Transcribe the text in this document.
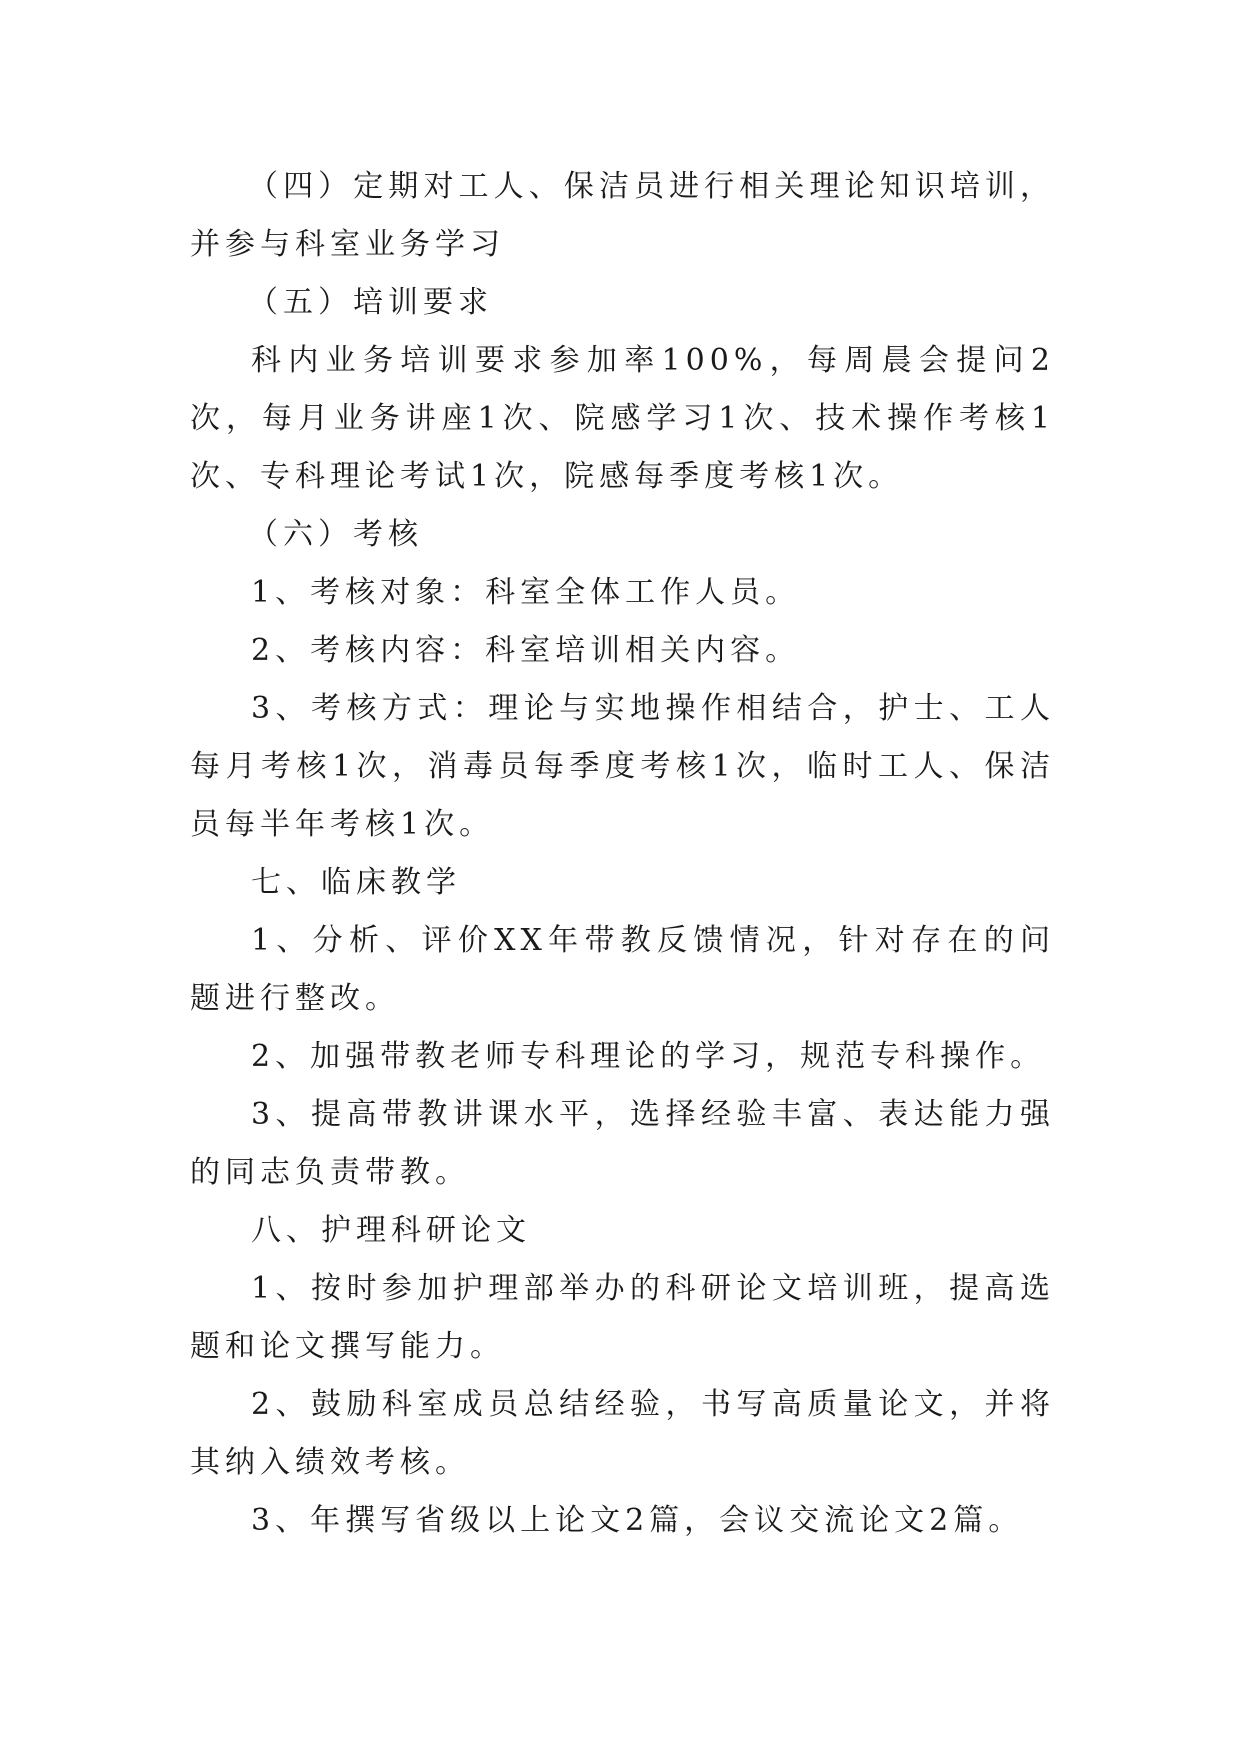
（四）定期对工人、保洁员进行相关理论知识培训，并参与科室业务学习

（五）培训要求

科内业务培训要求参加率100%，每周晨会提问2次，每月业务讲座1次、院感学习1次、技术操作考核1次、专科理论考试1次，院感每季度考核1次。

（六）考核

1、考核对象：科室全体工作人员。

2、考核内容：科室培训相关内容。

3、考核方式：理论与实地操作相结合，护士、工人每月考核1次，消毒员每季度考核1次，临时工人、保洁员每半年考核1次。

七、临床教学

1、分析、评价XX年带教反馈情况，针对存在的问题进行整改。

2、加强带教老师专科理论的学习，规范专科操作。

3、提高带教讲课水平，选择经验丰富、表达能力强的同志负责带教。

八、护理科研论文

1、按时参加护理部举办的科研论文培训班，提高选题和论文撰写能力。

2、鼓励科室成员总结经验，书写高质量论文，并将其纳入绩效考核。

3、年撰写省级以上论文2篇，会议交流论文2篇。
